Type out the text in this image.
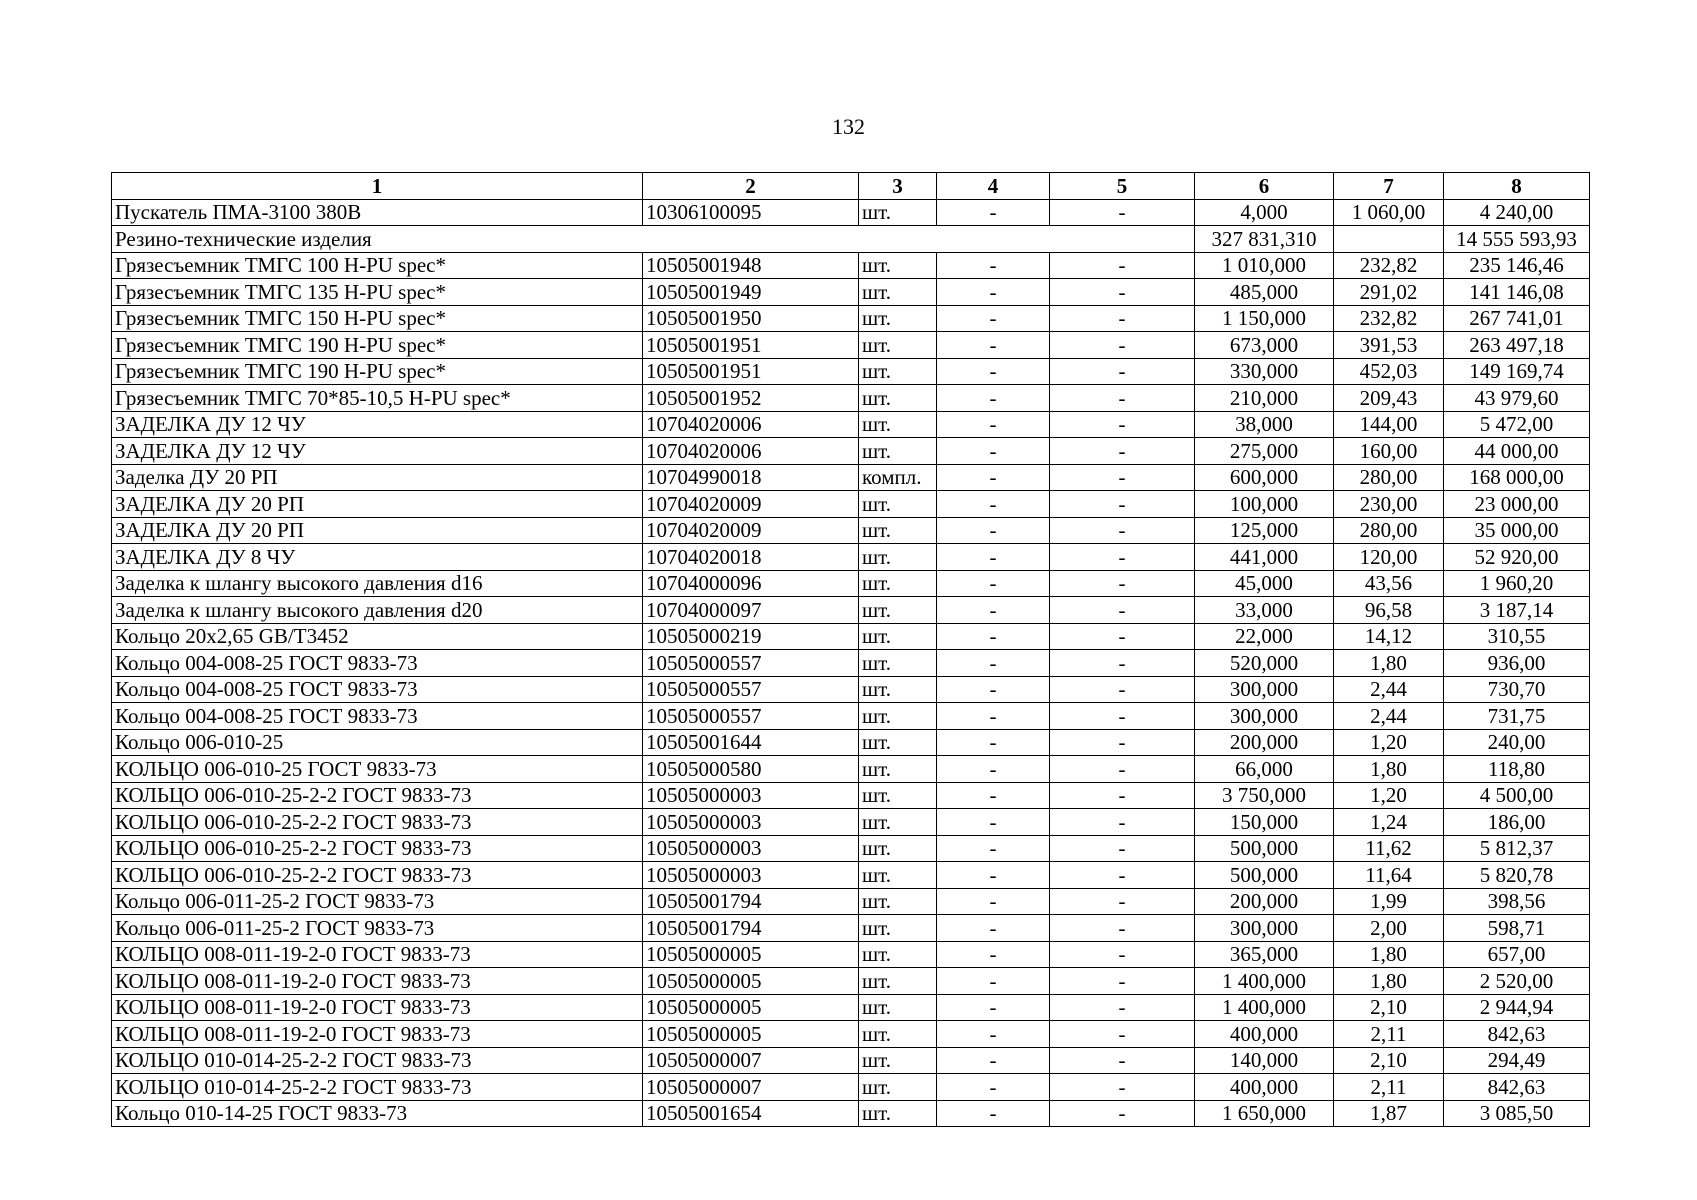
132
1	2	3	4	5	6	7	8
Пускатель ПМА-3100 380В	10306100095	шт.	-	-	4,000	1 060,00	4 240,00
Резино-технические изделия					327 831,310		14 555 593,93
Грязесъемник ТМГС 100 H-PU spec*	10505001948	шт.	-	-	1 010,000	232,82	235 146,46
Грязесъемник ТМГС 135 H-PU spec*	10505001949	шт.	-	-	485,000	291,02	141 146,08
Грязесъемник ТМГС 150 H-PU spec*	10505001950	шт.	-	-	1 150,000	232,82	267 741,01
Грязесъемник ТМГС 190 H-PU spec*	10505001951	шт.	-	-	673,000	391,53	263 497,18
Грязесъемник ТМГС 190 H-PU spec*	10505001951	шт.	-	-	330,000	452,03	149 169,74
Грязесъемник ТМГС 70*85-10,5 H-PU spec*	10505001952	шт.	-	-	210,000	209,43	43 979,60
ЗАДЕЛКА ДУ 12 ЧУ	10704020006	шт.	-	-	38,000	144,00	5 472,00
ЗАДЕЛКА ДУ 12 ЧУ	10704020006	шт.	-	-	275,000	160,00	44 000,00
Заделка ДУ 20 РП	10704990018	компл.	-	-	600,000	280,00	168 000,00
ЗАДЕЛКА ДУ 20 РП	10704020009	шт.	-	-	100,000	230,00	23 000,00
ЗАДЕЛКА ДУ 20 РП	10704020009	шт.	-	-	125,000	280,00	35 000,00
ЗАДЕЛКА ДУ 8 ЧУ	10704020018	шт.	-	-	441,000	120,00	52 920,00
Заделка к шлангу высокого давления d16	10704000096	шт.	-	-	45,000	43,56	1 960,20
Заделка к шлангу высокого давления d20	10704000097	шт.	-	-	33,000	96,58	3 187,14
Кольцо 20х2,65 GB/T3452	10505000219	шт.	-	-	22,000	14,12	310,55
Кольцо 004-008-25 ГОСТ 9833-73	10505000557	шт.	-	-	520,000	1,80	936,00
Кольцо 004-008-25 ГОСТ 9833-73	10505000557	шт.	-	-	300,000	2,44	730,70
Кольцо 004-008-25 ГОСТ 9833-73	10505000557	шт.	-	-	300,000	2,44	731,75
Кольцо 006-010-25	10505001644	шт.	-	-	200,000	1,20	240,00
КОЛЬЦО 006-010-25 ГОСТ 9833-73	10505000580	шт.	-	-	66,000	1,80	118,80
КОЛЬЦО 006-010-25-2-2 ГОСТ 9833-73	10505000003	шт.	-	-	3 750,000	1,20	4 500,00
КОЛЬЦО 006-010-25-2-2 ГОСТ 9833-73	10505000003	шт.	-	-	150,000	1,24	186,00
КОЛЬЦО 006-010-25-2-2 ГОСТ 9833-73	10505000003	шт.	-	-	500,000	11,62	5 812,37
КОЛЬЦО 006-010-25-2-2 ГОСТ 9833-73	10505000003	шт.	-	-	500,000	11,64	5 820,78
Кольцо 006-011-25-2 ГОСТ 9833-73	10505001794	шт.	-	-	200,000	1,99	398,56
Кольцо 006-011-25-2 ГОСТ 9833-73	10505001794	шт.	-	-	300,000	2,00	598,71
КОЛЬЦО 008-011-19-2-0 ГОСТ 9833-73	10505000005	шт.	-	-	365,000	1,80	657,00
КОЛЬЦО 008-011-19-2-0 ГОСТ 9833-73	10505000005	шт.	-	-	1 400,000	1,80	2 520,00
КОЛЬЦО 008-011-19-2-0 ГОСТ 9833-73	10505000005	шт.	-	-	1 400,000	2,10	2 944,94
КОЛЬЦО 008-011-19-2-0 ГОСТ 9833-73	10505000005	шт.	-	-	400,000	2,11	842,63
КОЛЬЦО 010-014-25-2-2 ГОСТ 9833-73	10505000007	шт.	-	-	140,000	2,10	294,49
КОЛЬЦО 010-014-25-2-2 ГОСТ 9833-73	10505000007	шт.	-	-	400,000	2,11	842,63
Кольцо 010-14-25 ГОСТ 9833-73	10505001654	шт.	-	-	1 650,000	1,87	3 085,50
